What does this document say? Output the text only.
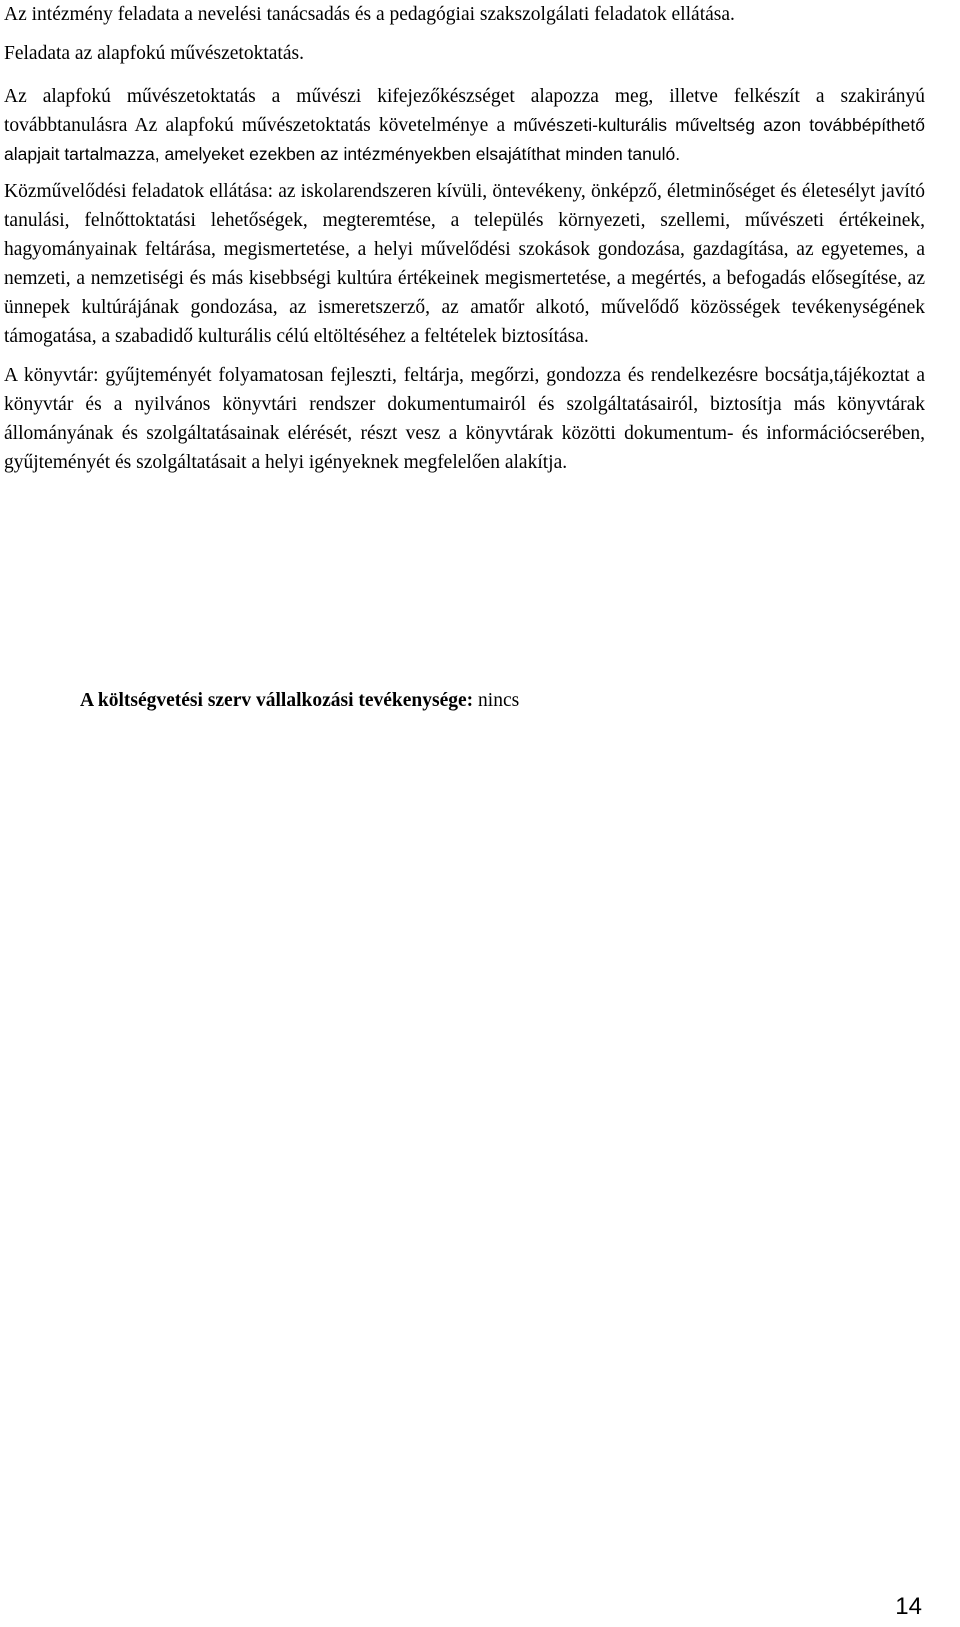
Az intézmény feladata a nevelési tanácsadás és a pedagógiai szakszolgálati feladatok ellátása.

Feladata az alapfokú művészetoktatás.

Az alapfokú művészetoktatás a művészi kifejezőkészséget alapozza meg, illetve felkészít a szakirányú továbbtanulásra Az alapfokú művészetoktatás követelménye a művészeti-kulturális műveltség azon továbbépíthető alapjait tartalmazza, amelyeket ezekben az intézményekben elsajátíthat minden tanuló.

Közművelődési feladatok ellátása: az iskolarendszeren kívüli, öntevékeny, önképző, életminőséget és életesélyt javító tanulási, felnőttoktatási lehetőségek, megteremtése, a település környezeti, szellemi, művészeti értékeinek, hagyományainak feltárása, megismertetése, a helyi művelődési szokások gondozása, gazdagítása, az egyetemes, a nemzeti, a nemzetiségi és más kisebbségi kultúra értékeinek megismertetése, a megértés, a befogadás elősegítése, az ünnepek kultúrájának gondozása, az ismeretszerző, az amatőr alkotó, művelődő közösségek tevékenységének támogatása, a szabadidő kulturális célú eltöltéséhez a feltételek biztosítása.

A könyvtár: gyűjteményét folyamatosan fejleszti, feltárja, megőrzi, gondozza és rendelkezésre bocsátja,tájékoztat a könyvtár és a nyilvános könyvtári rendszer dokumentumairól és szolgáltatásairól, biztosítja más könyvtárak állományának és szolgáltatásainak elérését, részt vesz a könyvtárak közötti dokumentum- és információcserében, gyűjteményét és szolgáltatásait a helyi igényeknek megfelelően alakítja.

A költségvetési szerv vállalkozási tevékenysége: nincs
14
